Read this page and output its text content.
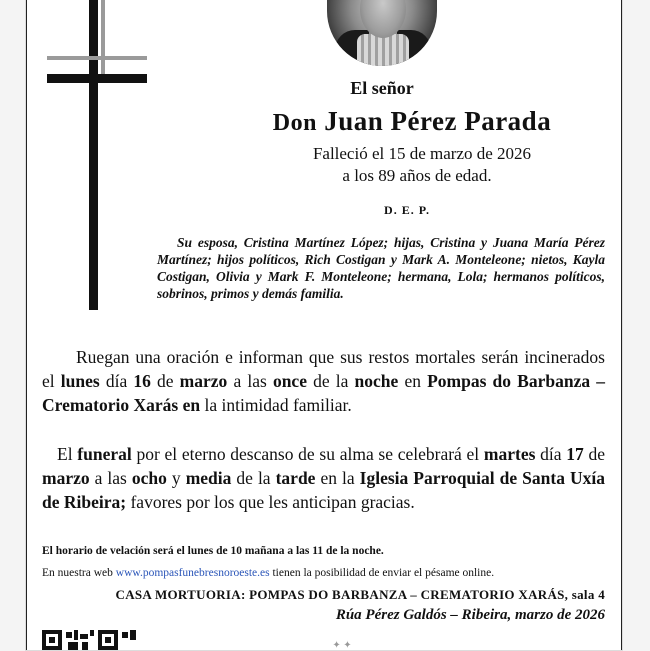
El señor
Don Juan Pérez Parada
Falleció el 15 de marzo de 2026
a los 89 años de edad.
D. E. P.
Su esposa, Cristina Martínez López; hijas, Cristina y Juana María Pérez Martínez; hijos políticos, Rich Costigan y Mark A. Monteleone; nietos, Kayla Costigan, Olivia y Mark F. Monteleone; hermana, Lola; hermanos políticos, sobrinos, primos y demás familia.
Ruegan una oración e informan que sus restos mortales serán incinerados el lunes día 16 de marzo a las once de la noche en Pompas do Barbanza – Crematorio Xarás en la intimidad familiar.
El funeral por el eterno descanso de su alma se celebrará el martes día 17 de marzo a las ocho y media de la tarde en la Iglesia Parroquial de Santa Uxía de Ribeira; favores por los que les anticipan gracias.
El horario de velación será el lunes de 10 mañana a las 11 de la noche.
En nuestra web www.pompasfunebresnoroeste.es tienen la posibilidad de enviar el pésame online.
CASA MORTUORIA: POMPAS DO BARBANZA – CREMATORIO XARÁS, sala 4
Rúa Pérez Galdós – Ribeira, marzo de 2026
✦ ✦
